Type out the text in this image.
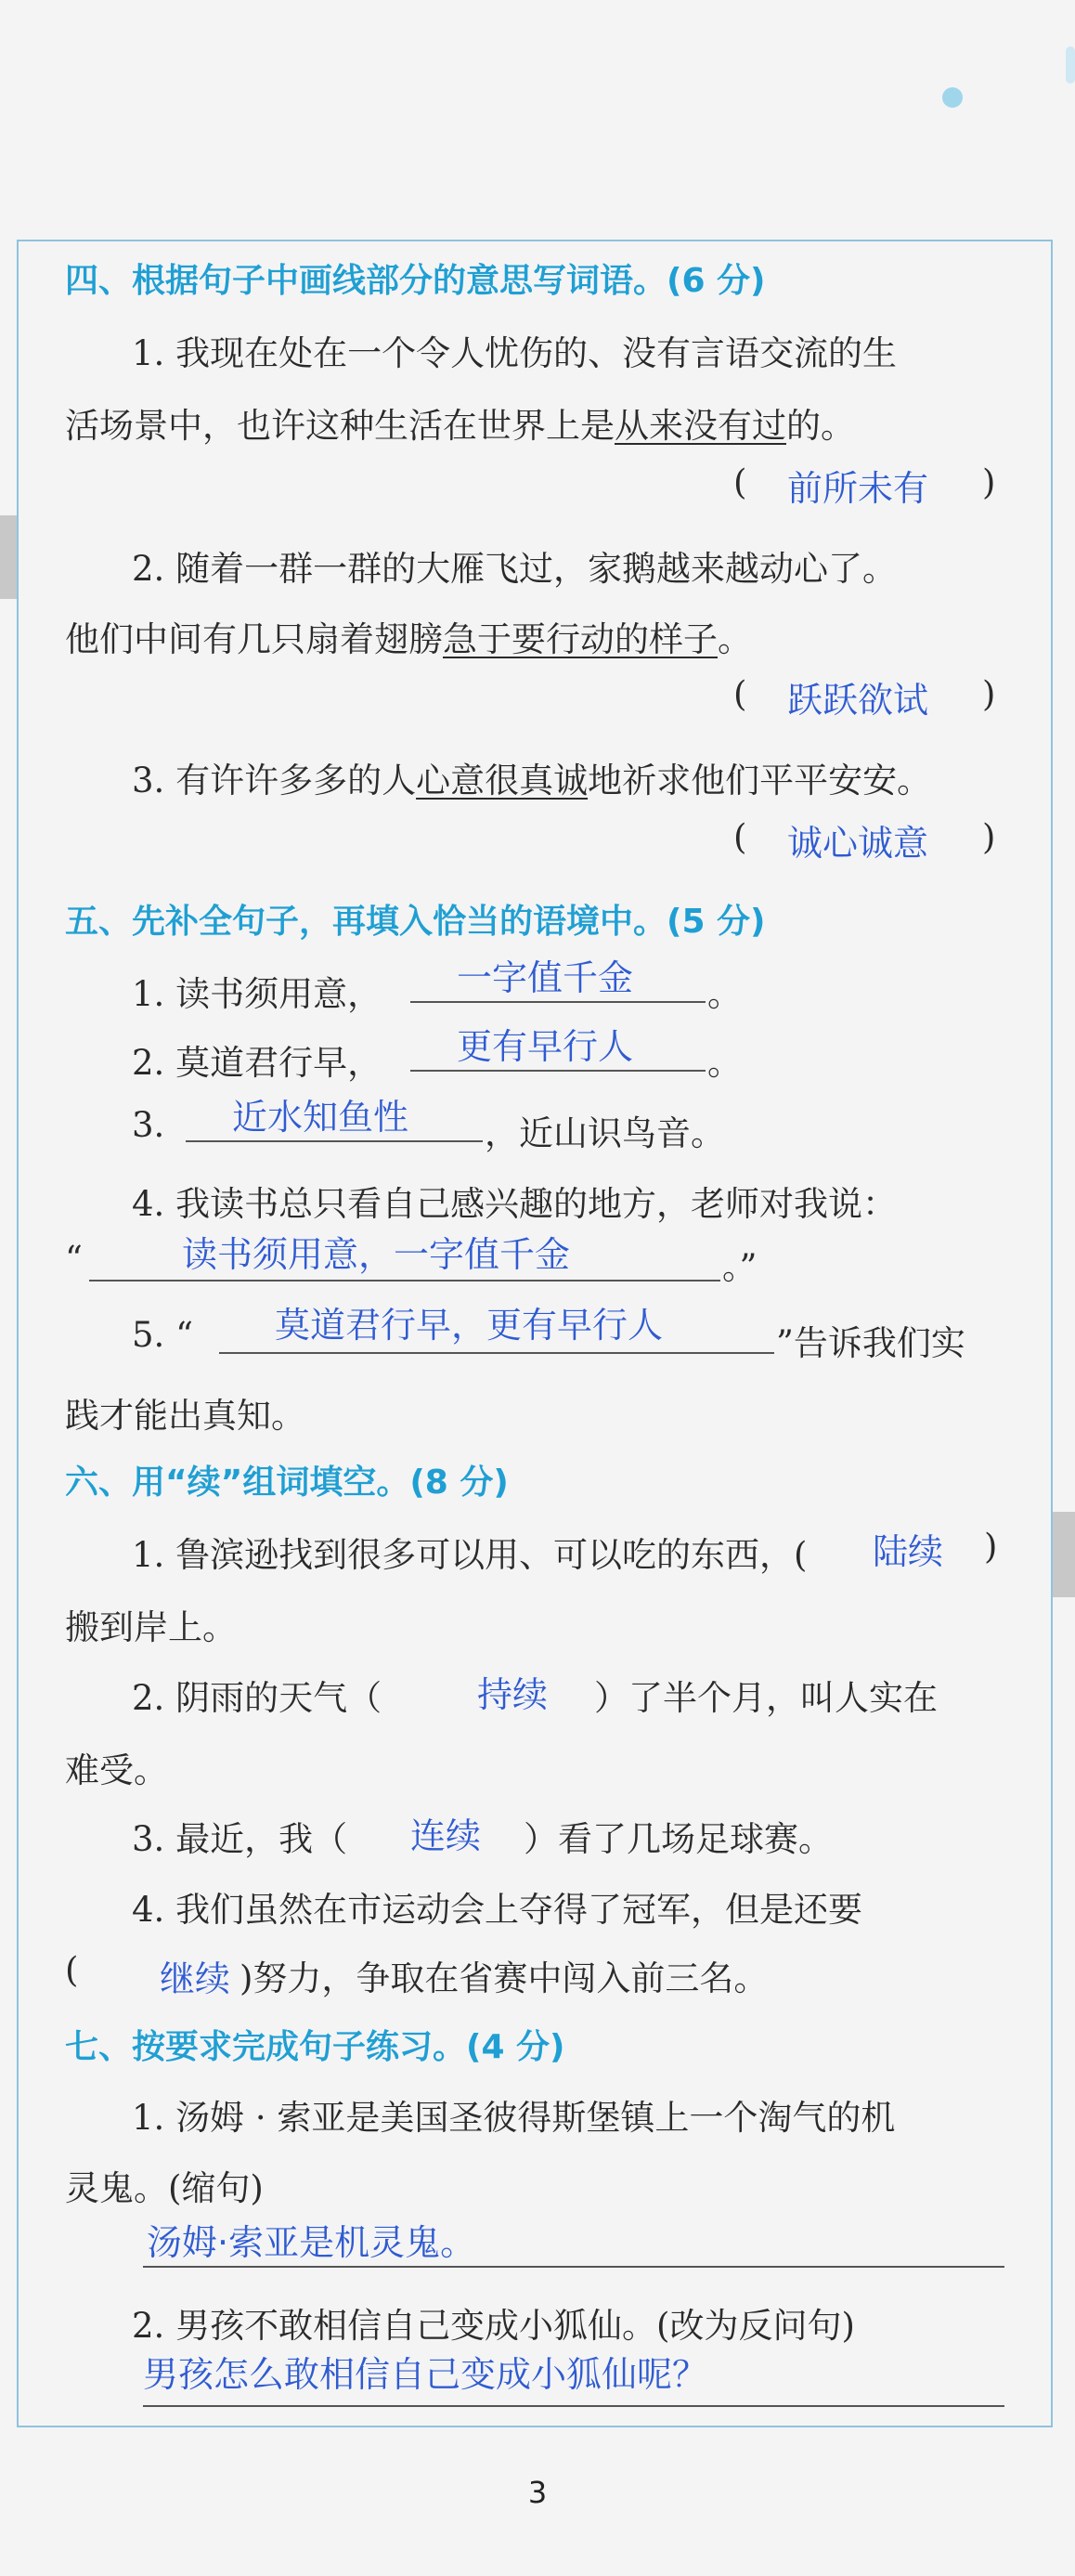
四、根据句子中画线部分的意思写词语。(6 分)
1. 我现在处在一个令人忧伤的、没有言语交流的生
活场景中，也许这种生活在世界上是从来没有过的。
( 前所未有 )
2. 随着一群一群的大雁飞过，家鹅越来越动心了。
他们中间有几只扇着翅膀急于要行动的样子。
( 跃跃欲试 )
3. 有许许多多的人心意很真诚地祈求他们平平安安。
( 诚心诚意 )
五、先补全句子，再填入恰当的语境中。(5 分)
1. 读书须用意， 一字值千金 。
2. 莫道君行早， 更有早行人 。
3. 近水知鱼性 ，近山识鸟音。
4. 我读书总只看自己感兴趣的地方，老师对我说：
“	读书须用意，一字值千金	。”
5. “ 莫道君行早，更有早行人	”告诉我们实
践才能出真知。
六、用“续”组词填空。(8 分)
1. 鲁滨逊找到很多可以用、可以吃的东西，( 陆续 )
搬到岸上。
2. 阴雨的天气（	持续 ）了半个月，叫人实在
难受。
3. 最近，我（ 连续 ）看了几场足球赛。
4. 我们虽然在市运动会上夺得了冠军，但是还要
( 继续 )努力，争取在省赛中闯入前三名。
七、按要求完成句子练习。(4 分)
1. 汤姆 · 索亚是美国圣彼得斯堡镇上一个淘气的机
灵鬼。(缩句)
汤姆·索亚是机灵鬼。
2. 男孩不敢相信自己变成小狐仙。(改为反问句)
男孩怎么敢相信自己变成小狐仙呢？
3
